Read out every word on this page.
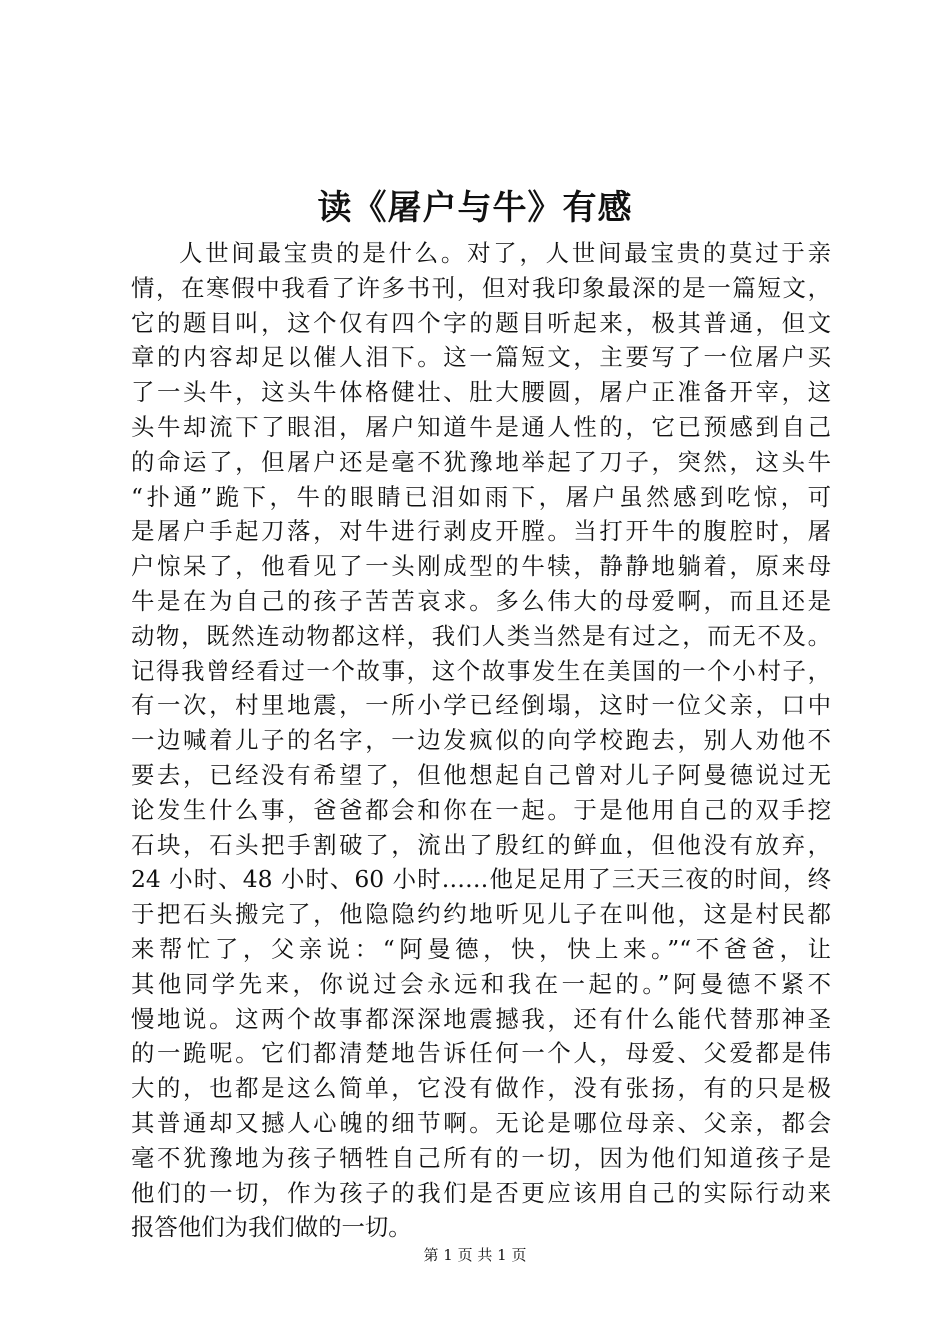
读《屠户与牛》有感
人世间最宝贵的是什么。对了，人世间最宝贵的莫过于亲
情，在寒假中我看了许多书刊，但对我印象最深的是一篇短文，
它的题目叫，这个仅有四个字的题目听起来，极其普通，但文
章的内容却足以催人泪下。这一篇短文，主要写了一位屠户买
了一头牛，这头牛体格健壮、肚大腰圆，屠户正准备开宰，这
头牛却流下了眼泪，屠户知道牛是通人性的，它已预感到自己
的命运了，但屠户还是毫不犹豫地举起了刀子，突然，这头牛
“扑通”跪下，牛的眼睛已泪如雨下，屠户虽然感到吃惊，可
是屠户手起刀落，对牛进行剥皮开膛。当打开牛的腹腔时，屠
户惊呆了，他看见了一头刚成型的牛犊，静静地躺着，原来母
牛是在为自己的孩子苦苦哀求。多么伟大的母爱啊，而且还是
动物，既然连动物都这样，我们人类当然是有过之，而无不及。
记得我曾经看过一个故事，这个故事发生在美国的一个小村子，
有一次，村里地震，一所小学已经倒塌，这时一位父亲，口中
一边喊着儿子的名字，一边发疯似的向学校跑去，别人劝他不
要去，已经没有希望了，但他想起自己曾对儿子阿曼德说过无
论发生什么事，爸爸都会和你在一起。于是他用自己的双手挖
石块，石头把手割破了，流出了殷红的鲜血，但他没有放弃，
24 小时、48 小时、60 小时……他足足用了三天三夜的时间，终
于把石头搬完了，他隐隐约约地听见儿子在叫他，这是村民都
来帮忙了，父亲说：“阿曼德，快，快上来。”“不爸爸，让
其他同学先来，你说过会永远和我在一起的。”阿曼德不紧不
慢地说。这两个故事都深深地震撼我，还有什么能代替那神圣
的一跪呢。它们都清楚地告诉任何一个人，母爱、父爱都是伟
大的，也都是这么简单，它没有做作，没有张扬，有的只是极
其普通却又撼人心魄的细节啊。无论是哪位母亲、父亲，都会
毫不犹豫地为孩子牺牲自己所有的一切，因为他们知道孩子是
他们的一切，作为孩子的我们是否更应该用自己的实际行动来
报答他们为我们做的一切。
第 1 页 共 1 页
